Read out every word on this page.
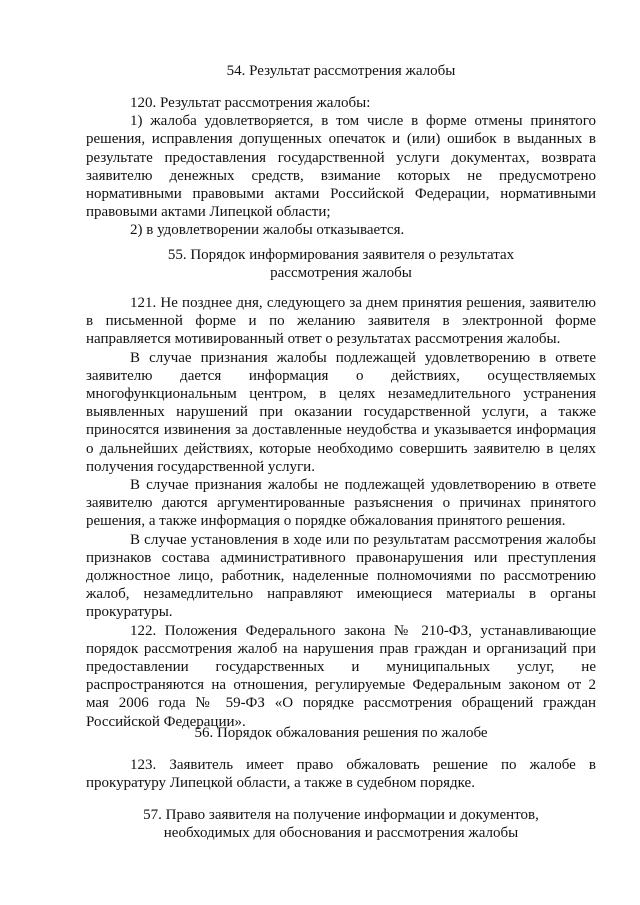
54. Результат рассмотрения жалобы

120. Результат рассмотрения жалобы:

1) жалоба удовлетворяется, в том числе в форме отмены принятого решения, исправления допущенных опечаток и (или) ошибок в выданных в результате предоставления государственной услуги документах, возврата заявителю денежных средств, взимание которых не предусмотрено нормативными правовыми актами Российской Федерации, нормативными правовыми актами Липецкой области;

2) в удовлетворении жалобы отказывается.

55. Порядок информирования заявителя о результатах
рассмотрения жалобы

121. Не позднее дня, следующего за днем принятия решения, заявителю в письменной форме и по желанию заявителя в электронной форме направляется мотивированный ответ о результатах рассмотрения жалобы.

В случае признания жалобы подлежащей удовлетворению в ответе заявителю дается информация о действиях, осуществляемых многофункциональным центром, в целях незамедлительного устранения выявленных нарушений при оказании государственной услуги, а также приносятся извинения за доставленные неудобства и указывается информация о дальнейших действиях, которые необходимо совершить заявителю в целях получения государственной услуги.

В случае признания жалобы не подлежащей удовлетворению в ответе заявителю даются аргументированные разъяснения о причинах принятого решения, а также информация о порядке обжалования принятого решения.

В случае установления в ходе или по результатам рассмотрения жалобы признаков состава административного правонарушения или преступления должностное лицо, работник, наделенные полномочиями по рассмотрению жалоб, незамедлительно направляют имеющиеся материалы в органы прокуратуры.

122. Положения Федерального закона № 210-ФЗ, устанавливающие порядок рассмотрения жалоб на нарушения прав граждан и организаций при предоставлении государственных и муниципальных услуг, не распространяются на отношения, регулируемые Федеральным законом от 2 мая 2006 года № 59-ФЗ «О порядке рассмотрения обращений граждан Российской Федерации».

56. Порядок обжалования решения по жалобе

123. Заявитель имеет право обжаловать решение по жалобе в прокуратуру Липецкой области, а также в судебном порядке.

57. Право заявителя на получение информации и документов,
необходимых для обоснования и рассмотрения жалобы
